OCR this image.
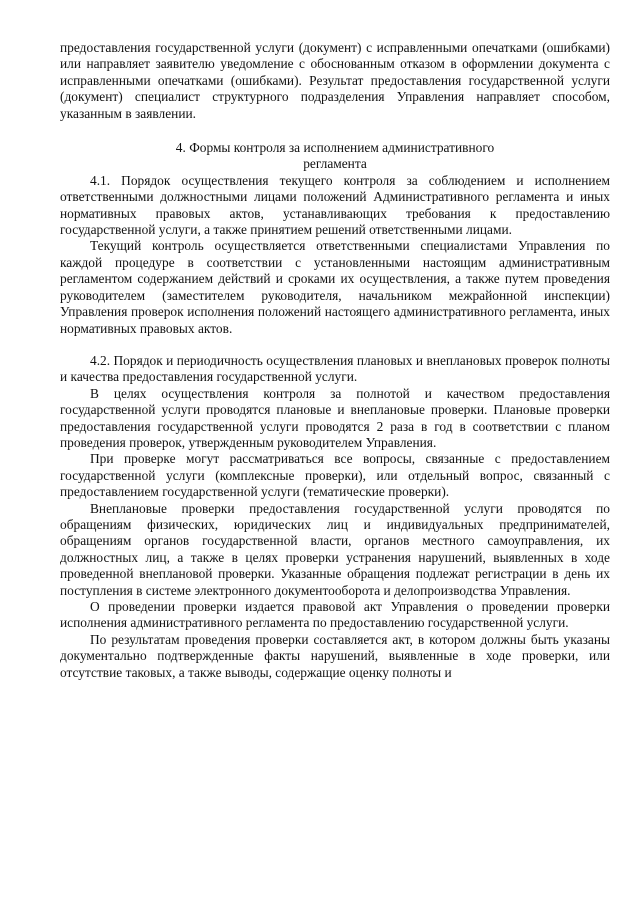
предоставления государственной услуги (документ) с исправленными опечатками (ошибками) или направляет заявителю уведомление с обоснованным отказом в оформлении документа с исправленными опечатками (ошибками). Результат предоставления государственной услуги (документ) специалист структурного подразделения Управления направляет способом, указанным в заявлении.

4. Формы контроля за исполнением административного
регламента

4.1. Порядок осуществления текущего контроля за соблюдением и исполнением ответственными должностными лицами положений Административного регламента и иных нормативных правовых актов, устанавливающих требования к предоставлению государственной услуги, а также принятием решений ответственными лицами.

Текущий контроль осуществляется ответственными специалистами Управления по каждой процедуре в соответствии с установленными настоящим административным регламентом содержанием действий и сроками их осуществления, а также путем проведения руководителем (заместителем руководителя, начальником межрайонной инспекции) Управления проверок исполнения положений настоящего административного регламента, иных нормативных правовых актов.

4.2. Порядок и периодичность осуществления плановых и внеплановых проверок полноты и качества предоставления государственной услуги.

В целях осуществления контроля за полнотой и качеством предоставления государственной услуги проводятся плановые и внеплановые проверки. Плановые проверки предоставления государственной услуги проводятся 2 раза в год в соответствии с планом проведения проверок, утвержденным руководителем Управления.

При проверке могут рассматриваться все вопросы, связанные с предоставлением государственной услуги (комплексные проверки), или отдельный вопрос, связанный с предоставлением государственной услуги (тематические проверки).

Внеплановые проверки предоставления государственной услуги проводятся по обращениям физических, юридических лиц и индивидуальных предпринимателей, обращениям органов государственной власти, органов местного самоуправления, их должностных лиц, а также в целях проверки устранения нарушений, выявленных в ходе проведенной внеплановой проверки. Указанные обращения подлежат регистрации в день их поступления в системе электронного документооборота и делопроизводства Управления.

О проведении проверки издается правовой акт Управления о проведении проверки исполнения административного регламента по предоставлению государственной услуги.

По результатам проведения проверки составляется акт, в котором должны быть указаны документально подтвержденные факты нарушений, выявленные в ходе проверки, или отсутствие таковых, а также выводы, содержащие оценку полноты и
